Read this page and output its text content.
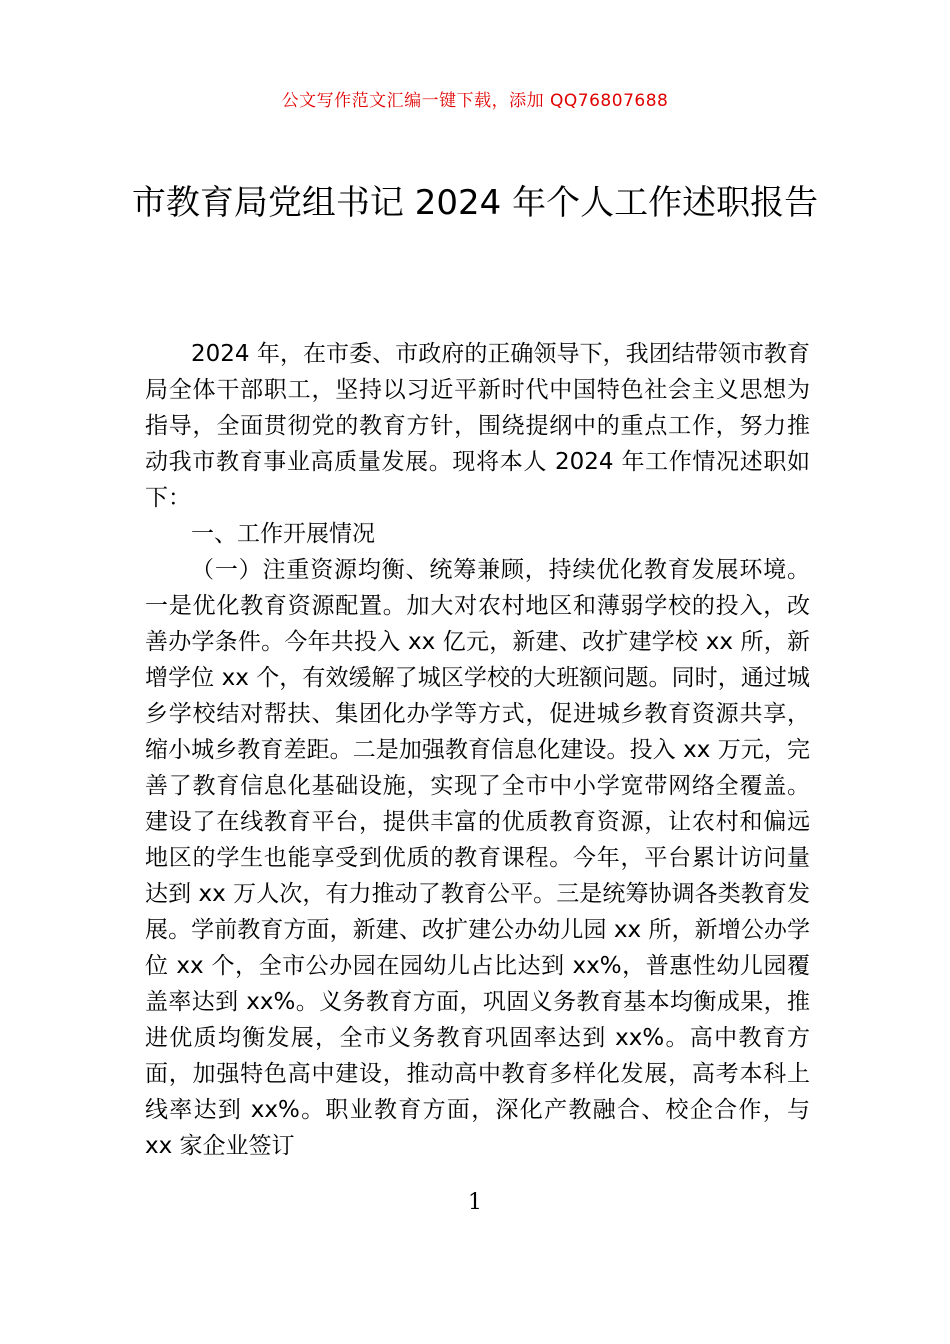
公文写作范文汇编一键下载，添加 QQ76807688
市教育局党组书记 2024 年个人工作述职报告

2024 年，在市委、市政府的正确领导下，我团结带领市教育局全体干部职工，坚持以习近平新时代中国特色社会主义思想为指导，全面贯彻党的教育方针，围绕提纲中的重点工作，努力推动我市教育事业高质量发展。现将本人 2024 年工作情况述职如下：

一、工作开展情况

（一）注重资源均衡、统筹兼顾，持续优化教育发展环境。一是优化教育资源配置。加大对农村地区和薄弱学校的投入，改善办学条件。今年共投入 xx 亿元，新建、改扩建学校 xx 所，新增学位 xx 个，有效缓解了城区学校的大班额问题。同时，通过城乡学校结对帮扶、集团化办学等方式，促进城乡教育资源共享，缩小城乡教育差距。二是加强教育信息化建设。投入 xx 万元，完善了教育信息化基础设施，实现了全市中小学宽带网络全覆盖。建设了在线教育平台，提供丰富的优质教育资源，让农村和偏远地区的学生也能享受到优质的教育课程。今年，平台累计访问量达到 xx 万人次，有力推动了教育公平。三是统筹协调各类教育发展。学前教育方面，新建、改扩建公办幼儿园 xx 所，新增公办学位 xx 个，全市公办园在园幼儿占比达到 xx%，普惠性幼儿园覆盖率达到 xx%。义务教育方面，巩固义务教育基本均衡成果，推进优质均衡发展，全市义务教育巩固率达到 xx%。高中教育方面，加强特色高中建设，推动高中教育多样化发展，高考本科上线率达到 xx%。职业教育方面，深化产教融合、校企合作，与 xx 家企业签订

1
